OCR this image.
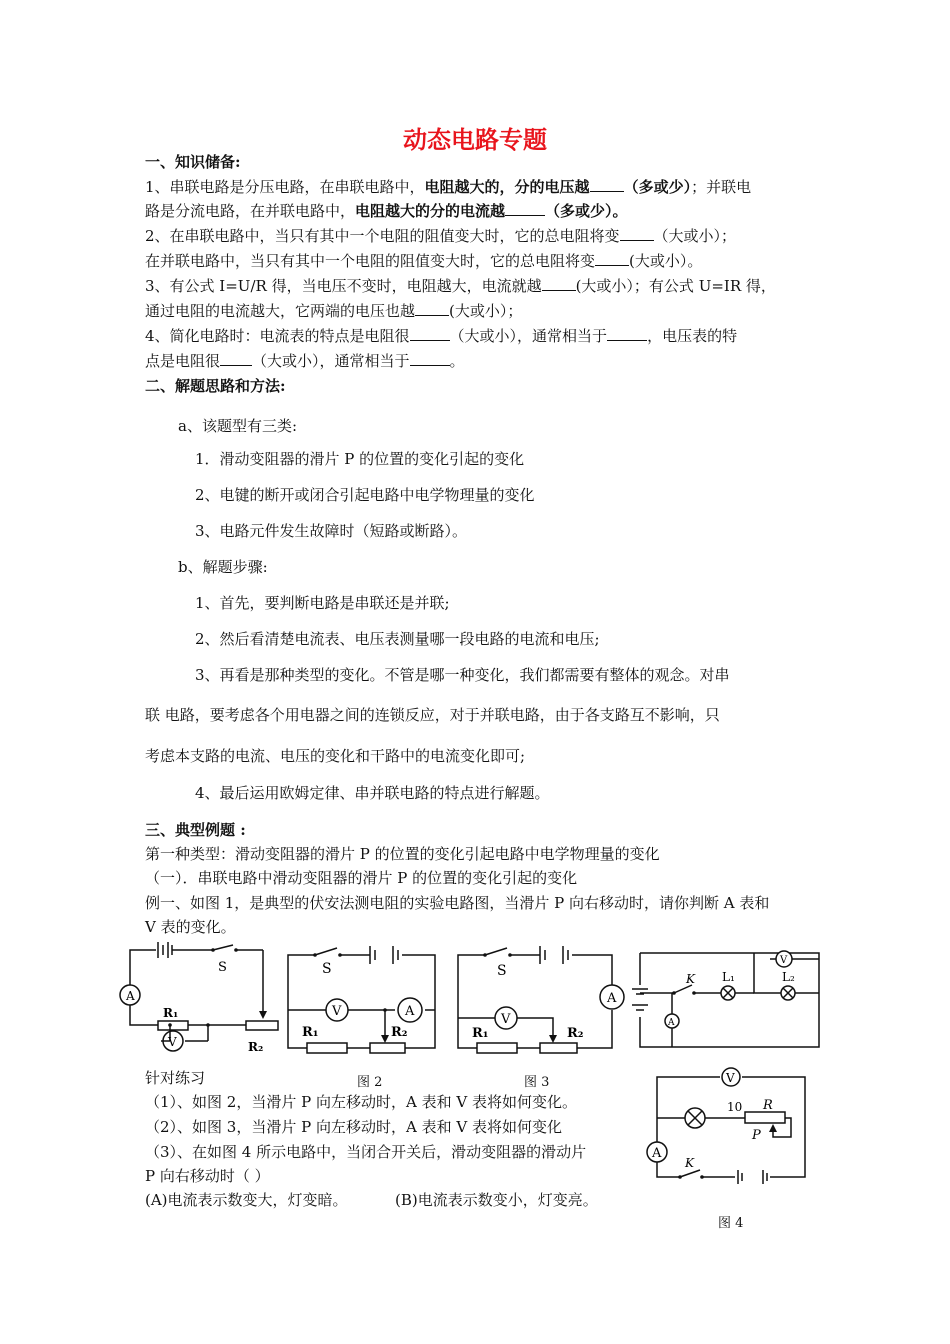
动态电路专题
一、知识储备:
1、串联电路是分压电路，在串联电路中，电阻越大的，分的电压越 （多或少）；并联电
路是分流电路，在并联电路中，电阻越大的分的电流越	（多或少）。
2、在串联电路中，当只有其中一个电阻的阻值变大时，它的总电阻将变 （大或小）；
在并联电路中，当只有其中一个电阻的阻值变大时，它的总电阻将变 (大或小）。
3、有公式 I=U/R 得，当电压不变时，电阻越大，电流就越 (大或小）；有公式 U=IR 得，
通过电阻的电流越大，它两端的电压也越 (大或小）；
4、简化电路时：电流表的特点是电阻很	（大或小），通常相当于	，电压表的特
点是电阻很 （大或小），通常相当于	。
二、解题思路和方法:
a、该题型有三类:
1．滑动变阻器的滑片 P 的位置的变化引起的变化
2、电键的断开或闭合引起电路中电学物理量的变化
3、电路元件发生故障时（短路或断路）。
b、解题步骤:
1、首先，要判断电路是串联还是并联;
2、然后看清楚电流表、电压表测量哪一段电路的电流和电压;
3、再看是那种类型的变化。不管是哪一种变化，我们都需要有整体的观念。对串
联 电路，要考虑各个用电器之间的连锁反应，对于并联电路，由于各支路互不影响，只
考虑本支路的电流、电压的变化和干路中的电流变化即可;
4、最后运用欧姆定律、串并联电路的特点进行解题。
三、典型例题 :
第一种类型：滑动变阻器的滑片 P 的位置的变化引起电路中电学物理量的变化
（一）．串联电路中滑动变阻器的滑片 P 的位置的变化引起的变化
例一、如图 1，是典型的伏安法测电阻的实验电路图，当滑片 P 向右移动时，请你判断 A 表和
V 表的变化。
S
A
V
R₁
R₂
S
V	A
R₁	R₂
图 2
S
V
A
R₁	R₂
图 3
V
K L₁	L₂
A
针对练习
（1）、如图 2，当滑片 P 向左移动时，A 表和 V 表将如何变化。
（2）、如图 3，当滑片 P 向左移动时，A 表和 V 表将如何变化
（3）、在如图 4 所示电路中，当闭合开关后，滑动变阻器的滑动片
P 向右移动时（ ）
(A)电流表示数变大，灯变暗。	(B)电流表示数变小，灯变亮。
V
10 R
P
A
K
图 4
